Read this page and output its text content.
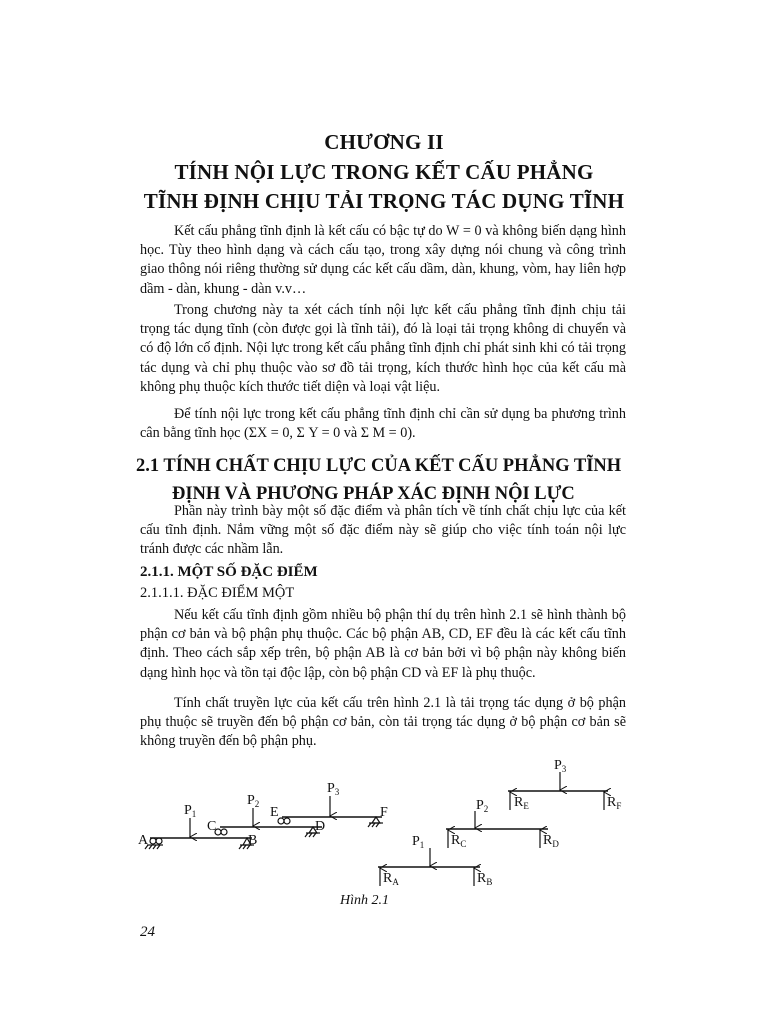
CHƯƠNG II
TÍNH NỘI LỰC TRONG KẾT CẤU PHẲNG
TĨNH ĐỊNH CHỊU TẢI TRỌNG TÁC DỤNG TĨNH

Kết cấu phẳng tĩnh định là kết cấu có bậc tự do W = 0 và không biến dạng hình học. Tùy theo hình dạng và cách cấu tạo, trong xây dựng nói chung và công trình giao thông nói riêng thường sử dụng các kết cấu dầm, dàn, khung, vòm, hay liên hợp dầm - dàn, khung - dàn v.v…

Trong chương này ta xét cách tính nội lực kết cấu phẳng tĩnh định chịu tải trọng tác dụng tĩnh (còn được gọi là tĩnh tải), đó là loại tải trọng không di chuyển và có độ lớn cố định. Nội lực trong kết cấu phẳng tĩnh định chỉ phát sinh khi có tải trọng tác dụng và chỉ phụ thuộc vào sơ đồ tải trọng, kích thước hình học của kết cấu mà không phụ thuộc kích thước tiết diện và loại vật liệu.

Để tính nội lực trong kết cấu phẳng tĩnh định chỉ cần sử dụng ba phương trình cân bằng tĩnh học (ΣX = 0, Σ Y = 0 và Σ M = 0).

2.1 TÍNH CHẤT CHỊU LỰC CỦA KẾT CẤU PHẲNG TĨNH
ĐỊNH VÀ PHƯƠNG PHÁP XÁC ĐỊNH NỘI LỰC

Phần này trình bày một số đặc điểm và phân tích về tính chất chịu lực của kết cấu tĩnh định. Nắm vững một số đặc điểm này sẽ giúp cho việc tính toán nội lực tránh được các nhầm lẫn.

2.1.1. MỘT SỐ ĐẶC ĐIỂM
2.1.1.1. ĐẶC ĐIỂM MỘT

Nếu kết cấu tĩnh định gồm nhiều bộ phận thí dụ trên hình 2.1 sẽ hình thành bộ phận cơ bản và bộ phận phụ thuộc. Các bộ phận AB, CD, EF đều là các kết cấu tĩnh định. Theo cách sắp xếp trên, bộ phận AB là cơ bản bởi vì bộ phận này không biến dạng hình học và tồn tại độc lập, còn bộ phận CD và EF là phụ thuộc.

Tính chất truyền lực của kết cấu trên hình 2.1 là tải trọng tác dụng ở bộ phận phụ thuộc sẽ truyền đến bộ phận cơ bản, còn tải trọng tác dụng ở bộ phận cơ bản sẽ không truyền đến bộ phận phụ.

A	B
C	D
E	F
$P_1$
$P_2$
$P_3$
$P_1$
$P_2$
$P_3$
$R_A$	$R_B$
$R_C$	$R_D$
$R_E$	$R_F$
Hình 2.1
24
